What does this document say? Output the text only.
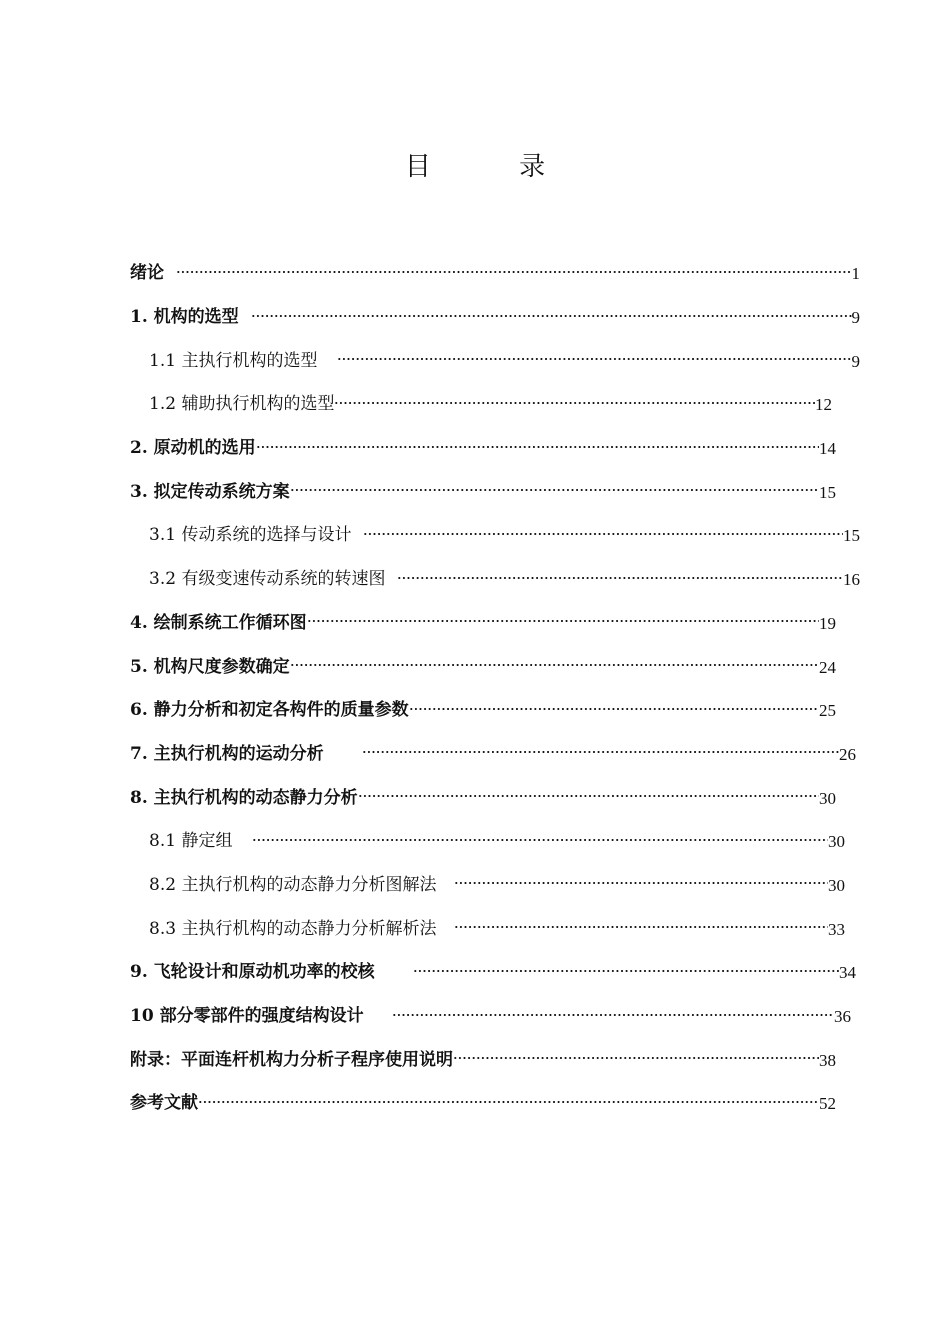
目	录
绪论	1
1. 机构的选型	9
1.1 主执行机构的选型	9
1.2 辅助执行机构的选型	12
2. 原动机的选用	14
3. 拟定传动系统方案	15
3.1 传动系统的选择与设计	15
3.2 有级变速传动系统的转速图	16
4. 绘制系统工作循环图	19
5. 机构尺度参数确定	24
6. 静力分析和初定各构件的质量参数	25
7. 主执行机构的运动分析	26
8. 主执行机构的动态静力分析	30
8.1 静定组	30
8.2 主执行机构的动态静力分析图解法	30
8.3 主执行机构的动态静力分析解析法	33
9. 飞轮设计和原动机功率的校核	34
10 部分零部件的强度结构设计	36
附录：平面连杆机构力分析子程序使用说明	38
参考文献	52
